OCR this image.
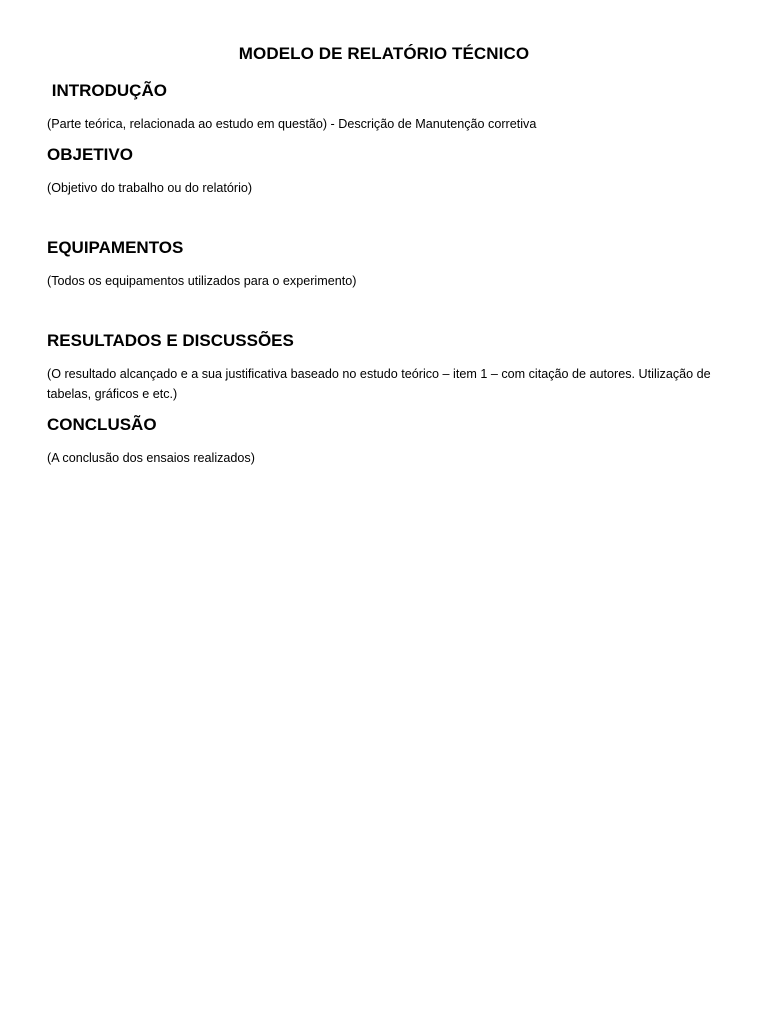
MODELO DE RELATÓRIO TÉCNICO
INTRODUÇÃO
(Parte teórica, relacionada ao estudo em questão) - Descrição de Manutenção corretiva
OBJETIVO
(Objetivo do trabalho ou do relatório)
EQUIPAMENTOS
(Todos os equipamentos utilizados para o experimento)
RESULTADOS E DISCUSSÕES
(O resultado alcançado e a sua justificativa baseado no estudo teórico – item 1 – com citação de autores. Utilização de tabelas, gráficos e etc.)
CONCLUSÃO
(A conclusão dos ensaios realizados)
